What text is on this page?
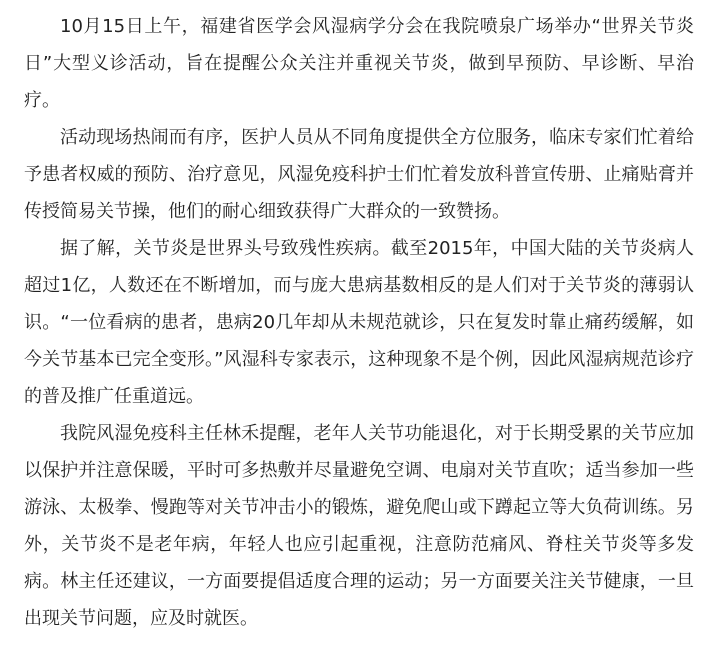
10月15日上午，福建省医学会风湿病学分会在我院喷泉广场举办“世界关节炎日”大型义诊活动，旨在提醒公众关注并重视关节炎，做到早预防、早诊断、早治疗。

活动现场热闹而有序，医护人员从不同角度提供全方位服务，临床专家们忙着给予患者权威的预防、治疗意见，风湿免疫科护士们忙着发放科普宣传册、止痛贴膏并传授简易关节操，他们的耐心细致获得广大群众的一致赞扬。

据了解，关节炎是世界头号致残性疾病。截至2015年，中国大陆的关节炎病人超过1亿，人数还在不断增加，而与庞大患病基数相反的是人们对于关节炎的薄弱认识。“一位看病的患者，患病20几年却从未规范就诊，只在复发时靠止痛药缓解，如今关节基本已完全变形。”风湿科专家表示，这种现象不是个例，因此风湿病规范诊疗的普及推广任重道远。

我院风湿免疫科主任林禾提醒，老年人关节功能退化，对于长期受累的关节应加以保护并注意保暖，平时可多热敷并尽量避免空调、电扇对关节直吹；适当参加一些游泳、太极拳、慢跑等对关节冲击小的锻炼，避免爬山或下蹲起立等大负荷训练。另外，关节炎不是老年病，年轻人也应引起重视，注意防范痛风、脊柱关节炎等多发病。林主任还建议，一方面要提倡适度合理的运动；另一方面要关注关节健康，一旦出现关节问题，应及时就医。
